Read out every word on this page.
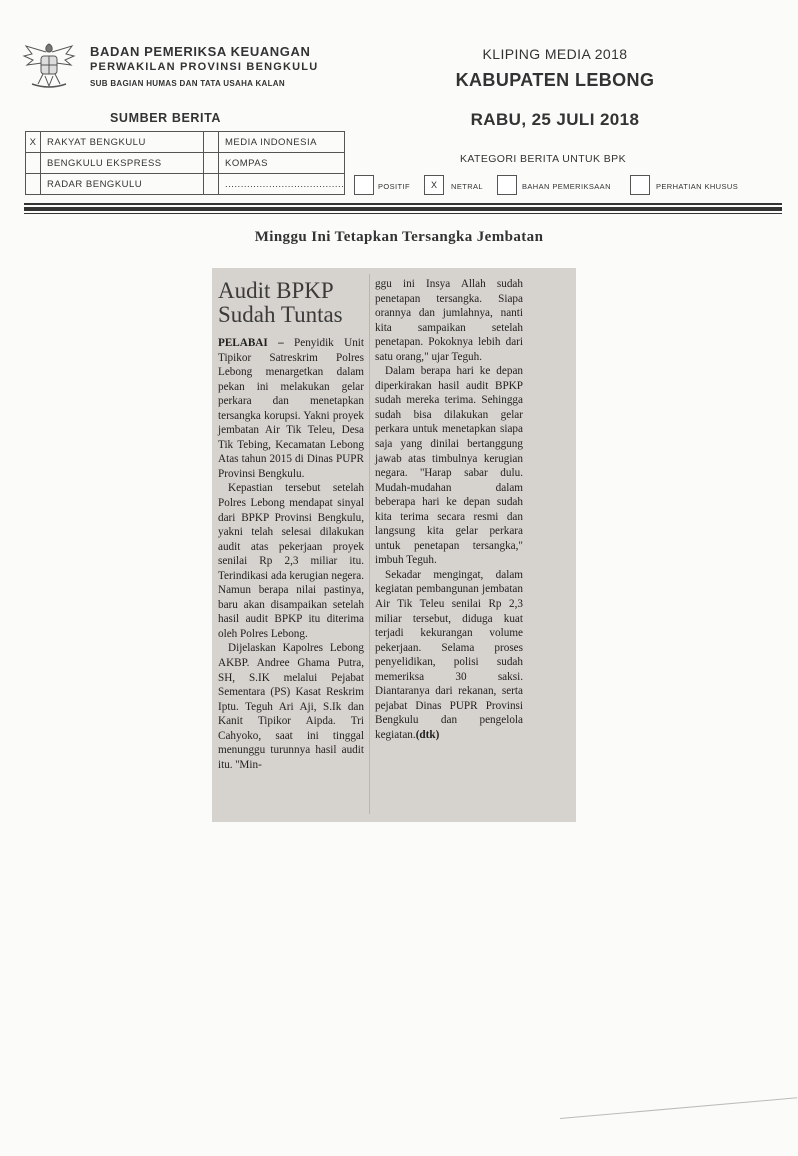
BADAN PEMERIKSA KEUANGAN
PERWAKILAN PROVINSI BENGKULU
SUB BAGIAN HUMAS DAN TATA USAHA KALAN
KLIPING MEDIA 2018
KABUPATEN LEBONG
RABU, 25 JULI 2018
SUMBER BERITA
X	RAKYAT BENGKULU		MEDIA INDONESIA
	BENGKULU EKSPRESS		KOMPAS
	RADAR BENGKULU		......................................
KATEGORI BERITA UNTUK BPK
POSITIF	X	NETRAL	BAHAN PEMERIKSAAN	PERHATIAN KHUSUS
Minggu Ini Tetapkan Tersangka Jembatan
Audit BPKP
Sudah Tuntas

PELABAI – Penyidik Unit Tipikor Satreskrim Polres Lebong menargetkan dalam pekan ini melakukan gelar perkara dan menetapkan tersangka korupsi. Yakni proyek jembatan Air Tik Teleu, Desa Tik Tebing, Kecamatan Lebong Atas tahun 2015 di Dinas PUPR Provinsi Bengkulu.

Kepastian tersebut setelah Polres Lebong mendapat sinyal dari BPKP Provinsi Bengkulu, yakni telah selesai dilakukan audit atas pekerjaan proyek senilai Rp 2,3 miliar itu. Terindikasi ada kerugian negera. Namun berapa nilai pastinya, baru akan disampaikan setelah hasil audit BPKP itu diterima oleh Polres Lebong.

Dijelaskan Kapolres Lebong AKBP. Andree Ghama Putra, SH, S.IK melalui Pejabat Sementara (PS) Kasat Reskrim Iptu. Teguh Ari Aji, S.Ik dan Kanit Tipikor Aipda. Tri Cahyoko, saat ini tinggal menunggu turunnya hasil audit itu. ''Min-

ggu ini Insya Allah sudah penetapan tersangka. Siapa orannya dan jumlahnya, nanti kita sampaikan setelah penetapan. Pokoknya lebih dari satu orang," ujar Teguh.

Dalam berapa hari ke depan diperkirakan hasil audit BPKP sudah mereka terima. Sehingga sudah bisa dilakukan gelar perkara untuk menetapkan siapa saja yang dinilai bertanggung jawab atas timbulnya kerugian negara. ''Harap sabar dulu. Mudah-mudahan dalam beberapa hari ke depan sudah kita terima secara resmi dan langsung kita gelar perkara untuk penetapan tersangka," imbuh Teguh.

Sekadar mengingat, dalam kegiatan pembangunan jembatan Air Tik Teleu senilai Rp 2,3 miliar tersebut, diduga kuat terjadi kekurangan volume pekerjaan. Selama proses penyelidikan, polisi sudah memeriksa 30 saksi. Diantaranya dari rekanan, serta pejabat Dinas PUPR Provinsi Bengkulu dan pengelola kegiatan.(dtk)
